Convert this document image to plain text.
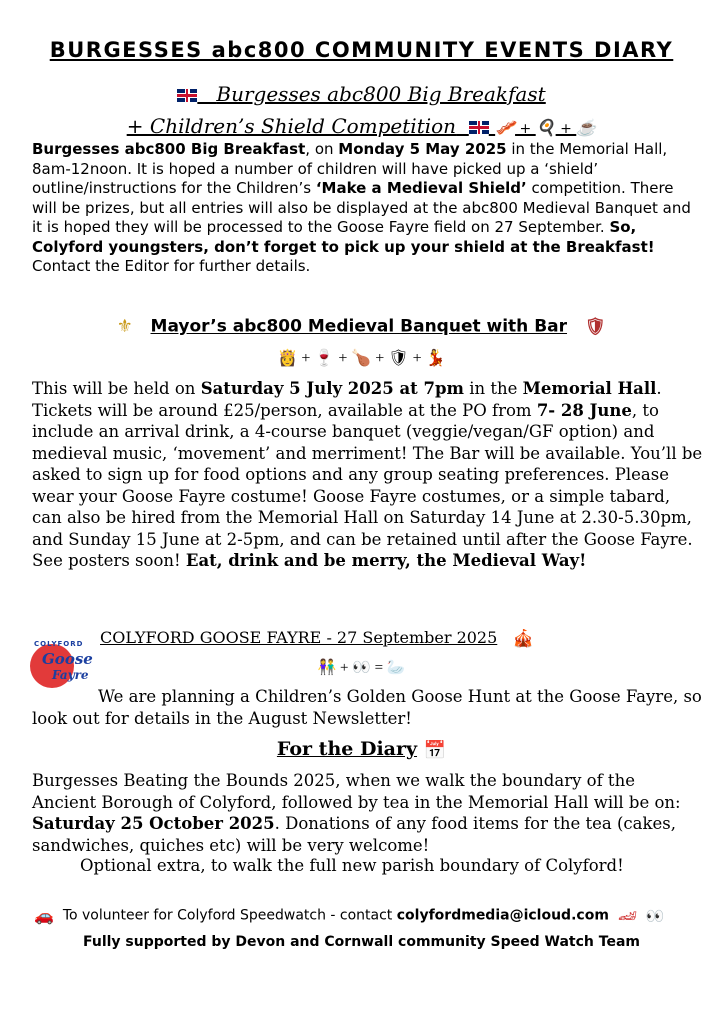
BURGESSES abc800 COMMUNITY EVENTS DIARY
Burgesses abc800 Big Breakfast
+ Children’s Shield Competition 🥓 + 🍳 + ☕
Burgesses abc800 Big Breakfast, on Monday 5 May 2025 in the Memorial Hall, 8am-12noon. It is hoped a number of children will have picked up a ‘shield’ outline/instructions for the Children’s ‘Make a Medieval Shield’ competition. There will be prizes, but all entries will also be displayed at the abc800 Medieval Banquet and it is hoped they will be processed to the Goose Fayre field on 27 September. So, Colyford youngsters, don’t forget to pick up your shield at the Breakfast! Contact the Editor for further details.
⚜ Mayor’s abc800 Medieval Banquet with Bar 🛡
👸 + 🍷 + 🍗 + 🛡 + 💃
This will be held on Saturday 5 July 2025 at 7pm in the Memorial Hall. Tickets will be around £25/person, available at the PO from 7- 28 June, to include an arrival drink, a 4-course banquet (veggie/vegan/GF option) and medieval music, ‘movement’ and merriment! The Bar will be available. You’ll be asked to sign up for food options and any group seating preferences. Please wear your Goose Fayre costume! Goose Fayre costumes, or a simple tabard, can also be hired from the Memorial Hall on Saturday 14 June at 2.30-5.30pm, and Sunday 15 June at 2-5pm, and can be retained until after the Goose Fayre. See posters soon! Eat, drink and be merry, the Medieval Way!
COLYFORD
Goose
Fayre
COLYFORD GOOSE FAYRE - 27 September 2025 🎪
👫 + 👀 = 🦢
We are planning a Children’s Golden Goose Hunt at the Goose Fayre, so look out for details in the August Newsletter!
For the Diary 📅
Burgesses Beating the Bounds 2025, when we walk the boundary of the Ancient Borough of Colyford, followed by tea in the Memorial Hall will be on: Saturday 25 October 2025. Donations of any food items for the tea (cakes, sandwiches, quiches etc) will be very welcome!
Optional extra, to walk the full new parish boundary of Colyford!
🚗 To volunteer for Colyford Speedwatch - contact colyfordmedia@icloud.com 🏎 👀
Fully supported by Devon and Cornwall community Speed Watch Team
